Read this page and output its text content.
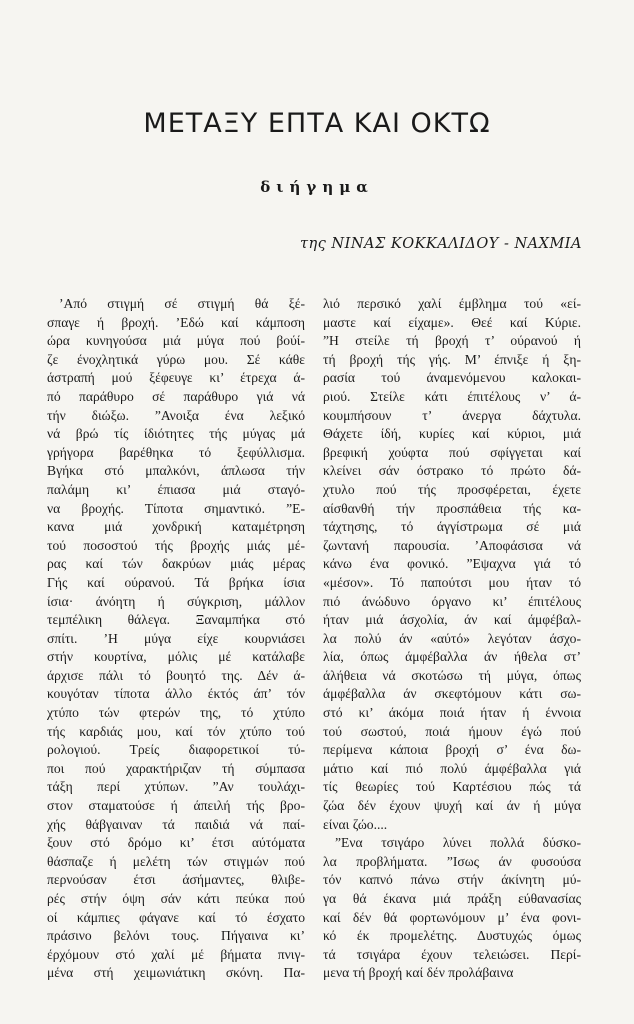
ΜΕΤΑΞΥ ΕΠΤΑ ΚΑΙ ΟΚΤΩ
διήγημα
της ΝΙΝΑΣ ΚΟΚΚΑΛΙΔΟΥ - ΝΑΧΜΙΑ
’Από στιγμή σέ στιγμή θά ξέ-
σπαγε ή βροχή. ’Εδώ καί κάμποση
ώρα κυνηγούσα μιά μύγα πού βούί-
ζε ένοχλητικά γύρω μου. Σέ κάθε
άστραπή μού ξέφευγε κι’ έτρεχα ά-
πό παράθυρο σέ παράθυρο γιά νά
τήν διώξω. ”Ανοιξα ένα λεξικό
νά βρώ τίς ίδιότητες τής μύγας μά
γρήγορα βαρέθηκα τό ξεφύλλισμα.
Βγήκα στό μπαλκόνι, άπλωσα τήν
παλάμη κι’ έπιασα μιά σταγό-
να βροχής. Τίποτα σημαντικό. ”Ε-
κανα μιά χονδρική καταμέτρηση
τού ποσοστού τής βροχής μιάς μέ-
ρας καί τών δακρύων μιάς μέρας
Γής καί ούρανού. Τά βρήκα ίσια
ίσια· άνόητη ή σύγκριση, μάλλον
τεμπέλικη θάλεγα. Ξαναμπήκα στό
σπίτι. ’Η μύγα είχε κουρνιάσει
στήν κουρτίνα, μόλις μέ κατάλαβε
άρχισε πάλι τό βουητό της. Δέν ά-
κουγόταν τίποτα άλλο έκτός άπ’ τόν
χτύπο τών φτερών της, τό χτύπο
τής καρδιάς μου, καί τόν χτύπο τού
ρολογιού. Τρείς διαφορετικοί τύ-
ποι πού χαρακτήριζαν τή σύμπασα
τάξη περί χτύπων. ”Αν τουλάχι-
στον σταματούσε ή άπειλή τής βρο-
χής θάβγαιναν τά παιδιά νά παί-
ξουν στό δρόμο κι’ έτσι αύτόματα
θάσπαζε ή μελέτη τών στιγμών πού
περνούσαν έτσι άσήμαντες, θλιβε-
ρές στήν όψη σάν κάτι πεύκα πού
οί κάμπιες φάγανε καί τό έσχατο
πράσινο βελόνι τους. Πήγαινα κι’
έρχόμουν στό χαλί μέ βήματα πνιγ-
μένα στή χειμωνιάτικη σκόνη. Πα-
λιό περσικό χαλί έμβλημα τού «εί-
μαστε καί είχαμε». Θεέ καί Κύριε.
”Η στείλε τή βροχή τ’ ούρανού ή
τή βροχή τής γής. Μ’ έπνιξε ή ξη-
ρασία τού άναμενόμενου καλοκαι-
ριού. Στείλε κάτι έπιτέλους ν’ ά-
κουμπήσουν τ’ άνεργα δάχτυλα.
Θάχετε ίδή, κυρίες καί κύριοι, μιά
βρεφική χούφτα πού σφίγγεται καί
κλείνει σάν όστρακο τό πρώτο δά-
χτυλο πού τής προσφέρεται, έχετε
αίσθανθή τήν προσπάθεια τής κα-
τάχτησης, τό άγγίστρωμα σέ μιά
ζωντανή παρουσία. ’Αποφάσισα νά
κάνω ένα φονικό. ”Εψαχνα γιά τό
«μέσον». Τό παπούτσι μου ήταν τό
πιό άνώδυνο όργανο κι’ έπιτέλους
ήταν μιά άσχολία, άν καί άμφέβαλ-
λα πολύ άν «αύτό» λεγόταν άσχο-
λία, όπως άμφέβαλλα άν ήθελα στ’
άλήθεια νά σκοτώσω τή μύγα, όπως
άμφέβαλλα άν σκεφτόμουν κάτι σω-
στό κι’ άκόμα ποιά ήταν ή έννοια
τού σωστού, ποιά ήμουν έγώ πού
περίμενα κάποια βροχή σ’ ένα δω-
μάτιο καί πιό πολύ άμφέβαλλα γιά
τίς θεωρίες τού Καρτέσιου πώς τά
ζώα δέν έχουν ψυχή καί άν ή μύγα
είναι ζώο....
”Ενα τσιγάρο λύνει πολλά δύσκο-
λα προβλήματα. ”Ισως άν φυσούσα
τόν καπνό πάνω στήν άκίνητη μύ-
γα θά έκανα μιά πράξη εύθανασίας
καί δέν θά φορτωνόμουν μ’ ένα φονι-
κό έκ προμελέτης. Δυστυχώς όμως
τά τσιγάρα έχουν τελειώσει. Περί-
μενα τή βροχή καί δέν προλάβαινα
